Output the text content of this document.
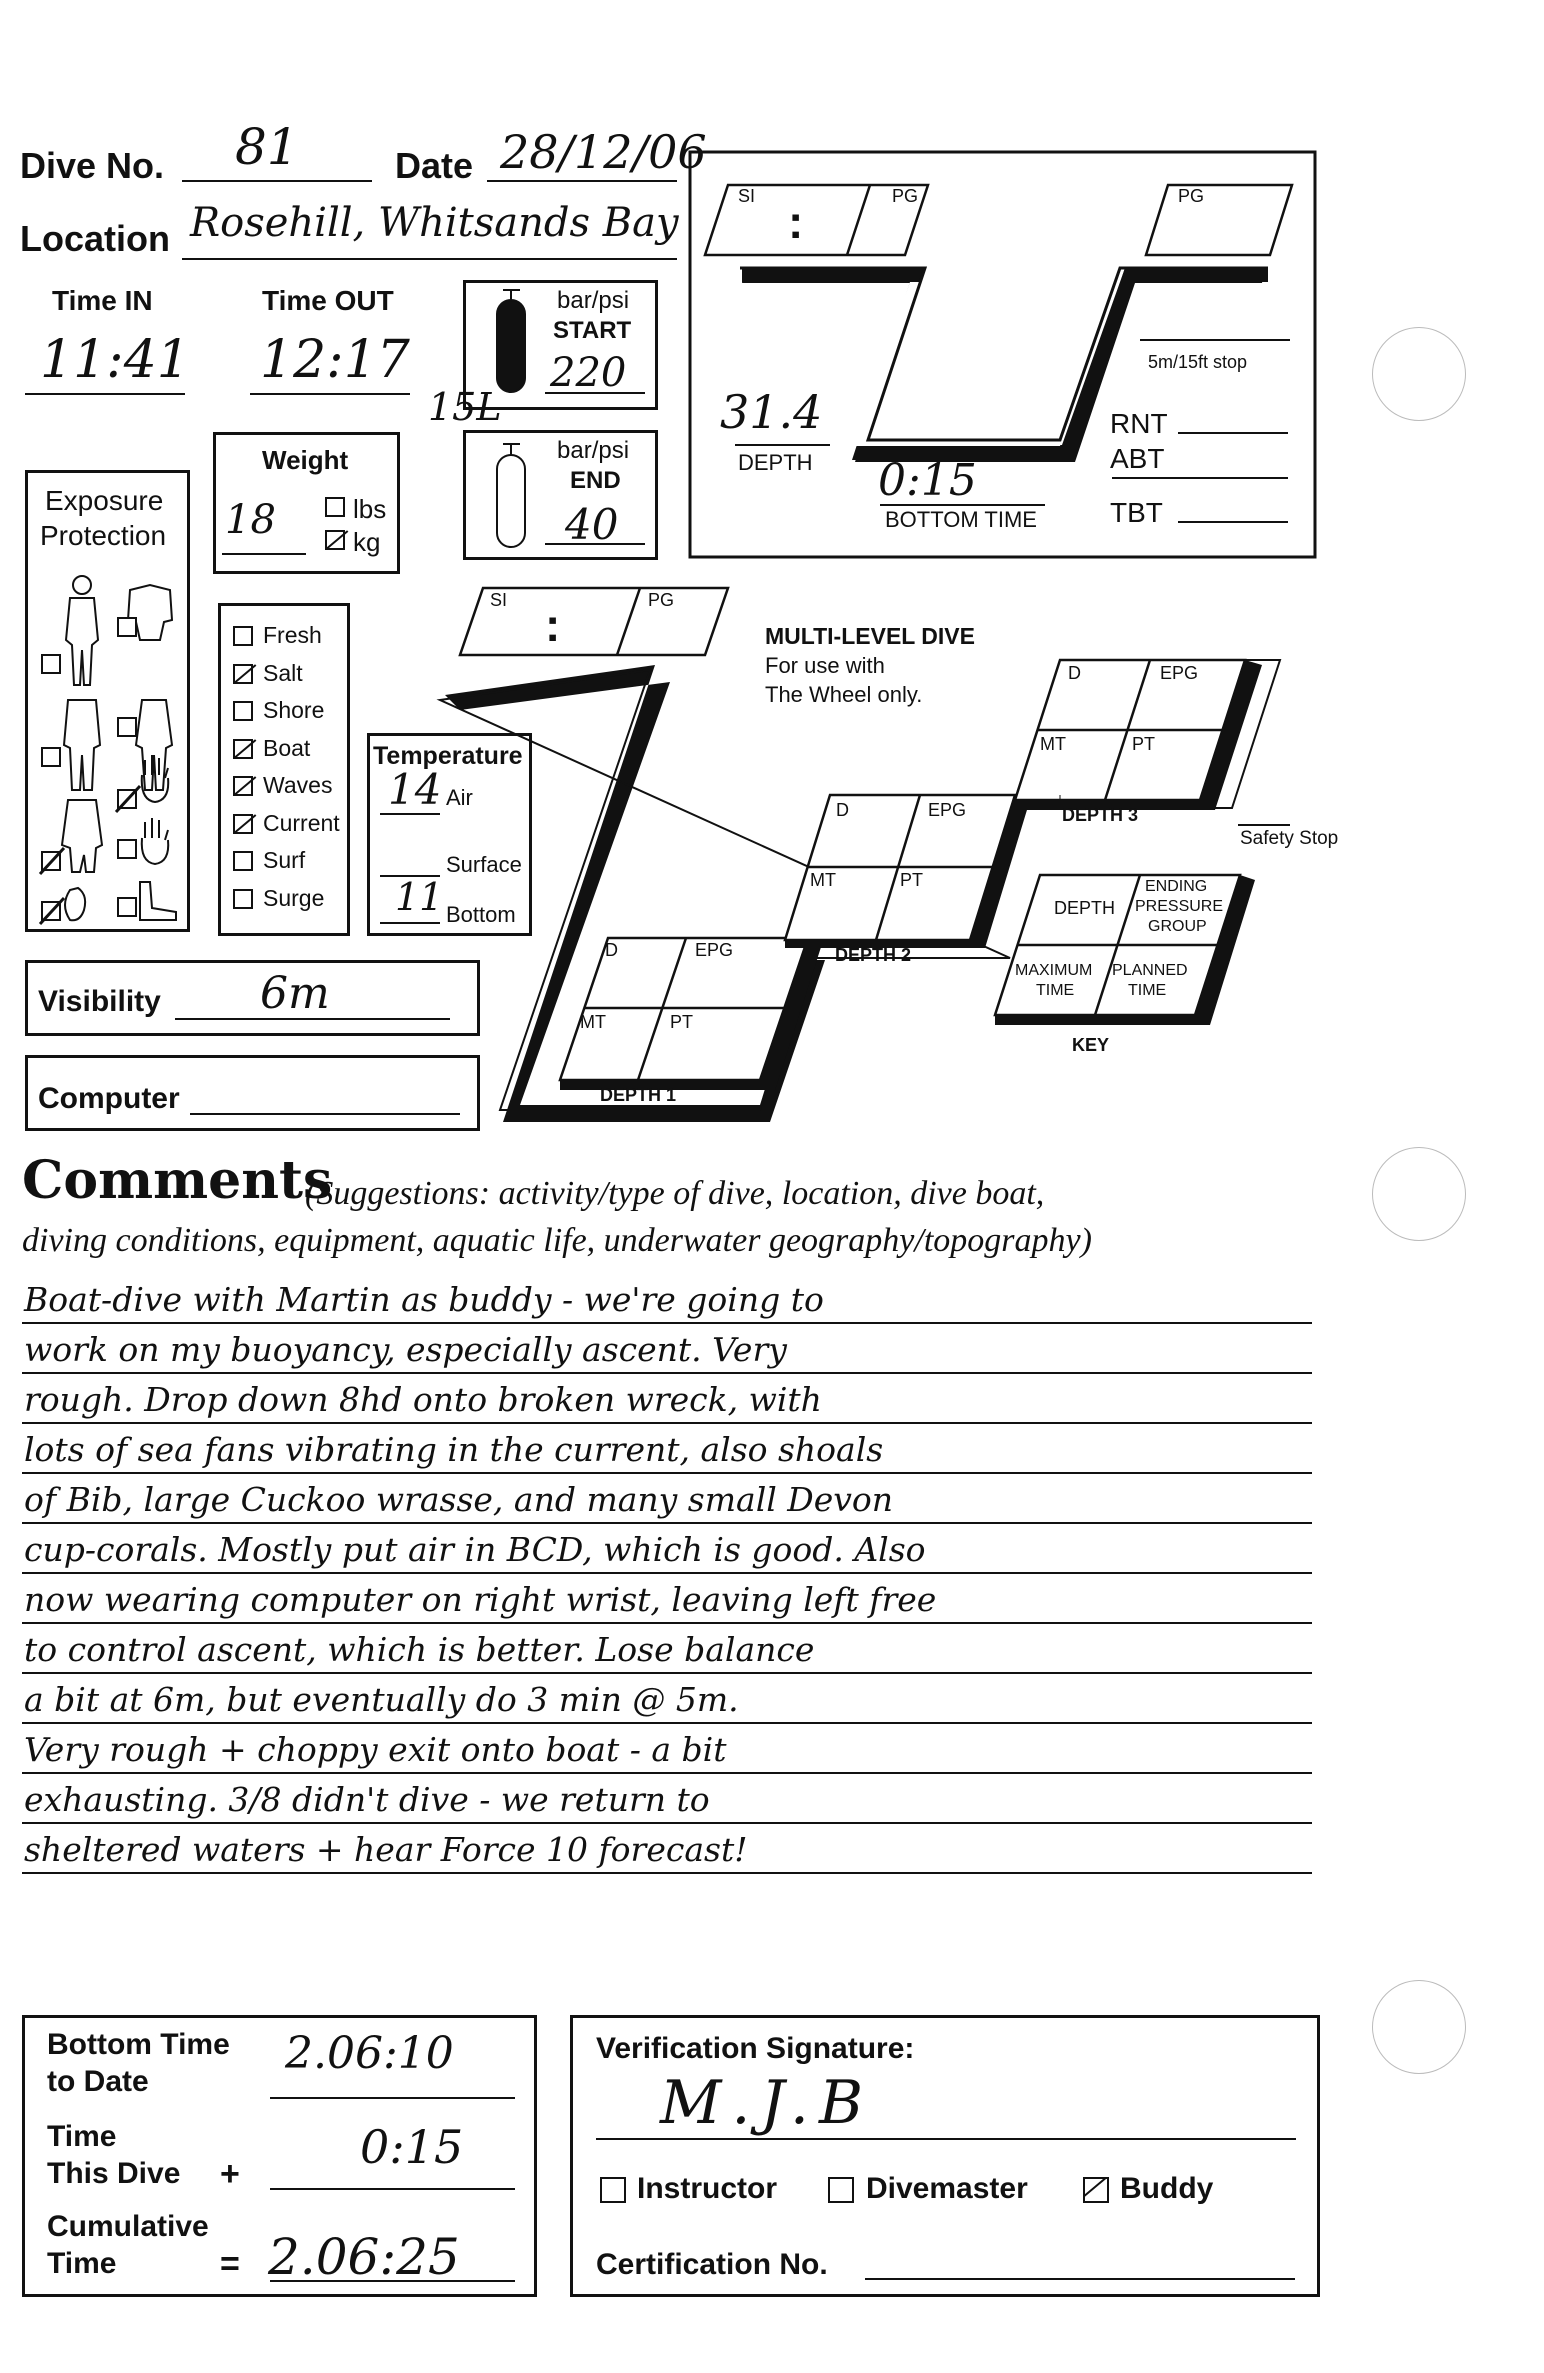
Dive No. 81	Date 28/12/06
Location Rosehill, Whitsands Bay
Time IN
11:41
Time OUT
12:17
bar/psi
START
220
15L
bar/psi
END
40
Weight
18	lbs
kg
Exposure
Protection
Fresh
Salt
Shore
Boat
Waves
Current
Surf
Surge
Temperature
14 Air
Surface
11 Bottom
Visibility 6m
Computer
SI	PG
:	PG
5m/15ft stop
31.4
DEPTH 0:15
BOTTOM TIME
RNT
ABT
TBT
SI	PG
:	MULTI-LEVEL DIVE
For use with
The Wheel only.
D	EPG
MT	PT
DEPTH 1
D	EPG
MT	PT
DEPTH 2
D	EPG
MT	PT
DEPTH 3
Safety Stop
DEPTH
ENDING
PRESSURE
GROUP
MAXIMUM
TIME
PLANNED
TIME
KEY
Comments
(Suggestions: activity/type of dive, location, dive boat,
diving conditions, equipment, aquatic life, underwater geography/topography)
Boat-dive with Martin as buddy - we're going to
work on my buoyancy, especially ascent. Very
rough. Drop down 8hd onto broken wreck, with
lots of sea fans vibrating in the current, also shoals
of Bib, large Cuckoo wrasse, and many small Devon
cup-corals. Mostly put air in BCD, which is good. Also
now wearing computer on right wrist, leaving left free
to control ascent, which is better. Lose balance
a bit at 6m, but eventually do 3 min @ 5m.
Very rough + choppy exit onto boat - a bit
exhausting. 3/8 didn't dive - we return to
sheltered waters + hear Force 10 forecast!
Bottom Time
to Date
2.06:10
Time
This Dive +	0:15
Cumulative
Time	= 2.06:25
Verification Signature:
M.J.B
Instructor	Divemaster	Buddy
Certification No.
